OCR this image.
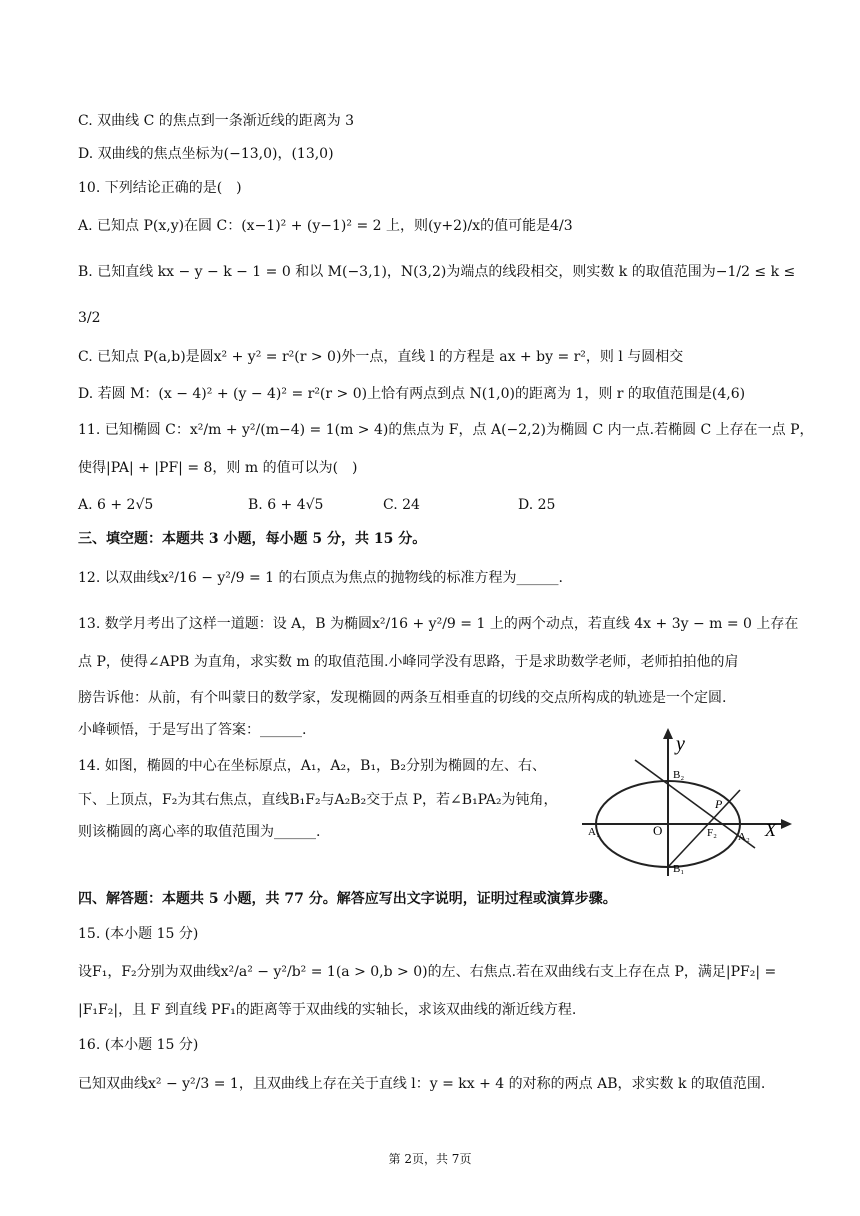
C. 双曲线 C 的焦点到一条渐近线的距离为 3
D. 双曲线的焦点坐标为(−13,0)，(13,0)
10. 下列结论正确的是(　)
A. 已知点 P(x,y)在圆 C：(x−1)² + (y−1)² = 2 上，则(y+2)/x的值可能是4/3
B. 已知直线 kx − y − k − 1 = 0 和以 M(−3,1)，N(3,2)为端点的线段相交，则实数 k 的取值范围为−1/2 ≤ k ≤
3/2
C. 已知点 P(a,b)是圆x² + y² = r²(r > 0)外一点，直线 l 的方程是 ax + by = r²，则 l 与圆相交
D. 若圆 M：(x − 4)² + (y − 4)² = r²(r > 0)上恰有两点到点 N(1,0)的距离为 1，则 r 的取值范围是(4,6)
11. 已知椭圆 C：x²/m + y²/(m−4) = 1(m > 4)的焦点为 F，点 A(−2,2)为椭圆 C 内一点.若椭圆 C 上存在一点 P，
使得|PA| + |PF| = 8，则 m 的值可以为(　)
A. 6 + 2√5	B. 6 + 4√5	C. 24	D. 25
三、填空题：本题共 3 小题，每小题 5 分，共 15 分。
12. 以双曲线x²/16 − y²/9 = 1 的右顶点为焦点的抛物线的标准方程为______.
13. 数学月考出了这样一道题：设 A，B 为椭圆x²/16 + y²/9 = 1 上的两个动点，若直线 4x + 3y − m = 0 上存在
点 P，使得∠APB 为直角，求实数 m 的取值范围.小峰同学没有思路，于是求助数学老师，老师拍拍他的肩
膀告诉他：从前，有个叫蒙日的数学家，发现椭圆的两条互相垂直的切线的交点所构成的轨迹是一个定圆.
小峰顿悟，于是写出了答案：______.
14. 如图，椭圆的中心在坐标原点，A₁，A₂，B₁，B₂分别为椭圆的左、右、
下、上顶点，F₂为其右焦点，直线B₁F₂与A₂B₂交于点 P，若∠B₁PA₂为钝角，
则该椭圆的离心率的取值范围为______.
y
X
B₂
B₁
A₁	A₂
O	F₂
P
四、解答题：本题共 5 小题，共 77 分。解答应写出文字说明，证明过程或演算步骤。
15. (本小题 15 分)
设F₁，F₂分别为双曲线x²/a² − y²/b² = 1(a > 0,b > 0)的左、右焦点.若在双曲线右支上存在点 P，满足|PF₂| =
|F₁F₂|，且 F 到直线 PF₁的距离等于双曲线的实轴长，求该双曲线的渐近线方程.
16. (本小题 15 分)
已知双曲线x² − y²/3 = 1，且双曲线上存在关于直线 l：y = kx + 4 的对称的两点 AB，求实数 k 的取值范围.
第 2页，共 7页
